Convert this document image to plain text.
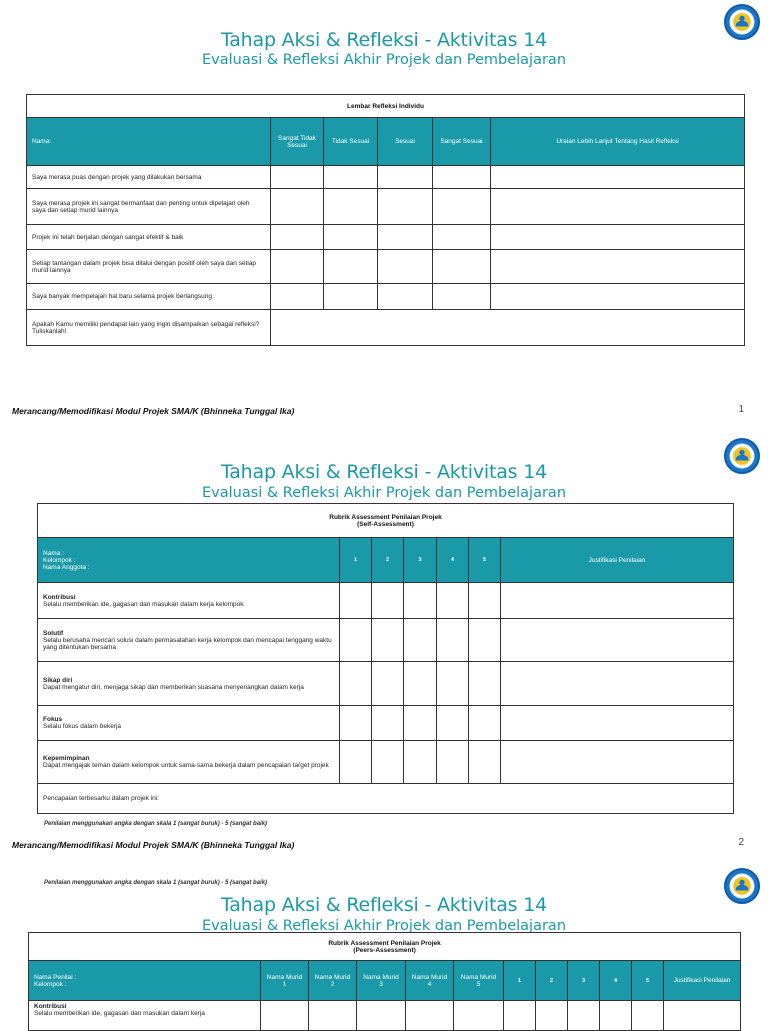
Tahap Aksi & Refleksi - Aktivitas 14
Evaluasi & Refleksi Akhir Projek dan Pembelajaran
Lembar Refleksi Individu					
Nama:	Sangat Tidak Sesuai	Tidak Sesuai	Sesuai	Sangat Sesuai	Uraian Lebih Lanjut Tentang Hasil Refleksi
Saya merasa puas dengan projek yang dilakukan bersama					
Saya merasa projek ini sangat bermanfaat dan penting untuk dipelajari oleh saya dan setiap murid lainnya					
Projek ini telah berjalan dengan sangat efektif & baik					
Setiap tantangan dalam projek bisa dilalui dengan positif oleh saya dan setiap murid lainnya					
Saya banyak mempelajari hal baru selama projek berlangsung					
Apakah Kamu memiliki pendapat lain yang ingin disampaikan sebagai refleksi? Tuliskanlah!					
Merancang/Memodifikasi Modul Projek SMA/K (Bhinneka Tunggal Ika)	1
Tahap Aksi & Refleksi - Aktivitas 14
Evaluasi & Refleksi Akhir Projek dan Pembelajaran
Rubrik Assessment Penilaian Projek
(Self-Assessment)						
Nama :
Kelompok :
Nama Anggota :	1	2	3	4	5	Justifikasi Penilaian

Kontribusi
Selalu memberikan ide, gagasan dan masukan dalam kerja kelompok						

Solutif
Selalu berusaha mencari solusi dalam permasalahan kerja kelompok dan mencapai tenggang waktu yang ditentukan bersama						

Sikap diri
Dapat mengatur diri, menjaga sikap dan memberikan suasana menyenangkan dalam kerja						

Fokus
Selalu fokus dalam bekerja						

Kepemimpinan
Dapat mengajak teman dalam kelompok untuk sama-sama bekerja dalam pencapaian target projek						
Pencapaian terbesarku dalam projek ini:						
Penilaian menggunakan angka dengan skala 1 (sangat buruk) - 5 (sangat baik)
Merancang/Memodifikasi Modul Projek SMA/K (Bhinneka Tunggal Ika)	2
Penilaian menggunakan angka dengan skala 1 (sangat buruk) - 5 (sangat baik)
Tahap Aksi & Refleksi - Aktivitas 14
Evaluasi & Refleksi Akhir Projek dan Pembelajaran
Rubrik Assessment Penilaian Projek
(Peers-Assessment)											
Nama Penilai :
Kelompok :	Nama Murid 1	Nama Murid 2	Nama Murid 3	Nama Murid 4	Nama Murid 5	1	2	3	4	5	Justifikasi Penilaian

Kontribusi
Selalu memberikan ide, gagasan dan masukan dalam kerja											
